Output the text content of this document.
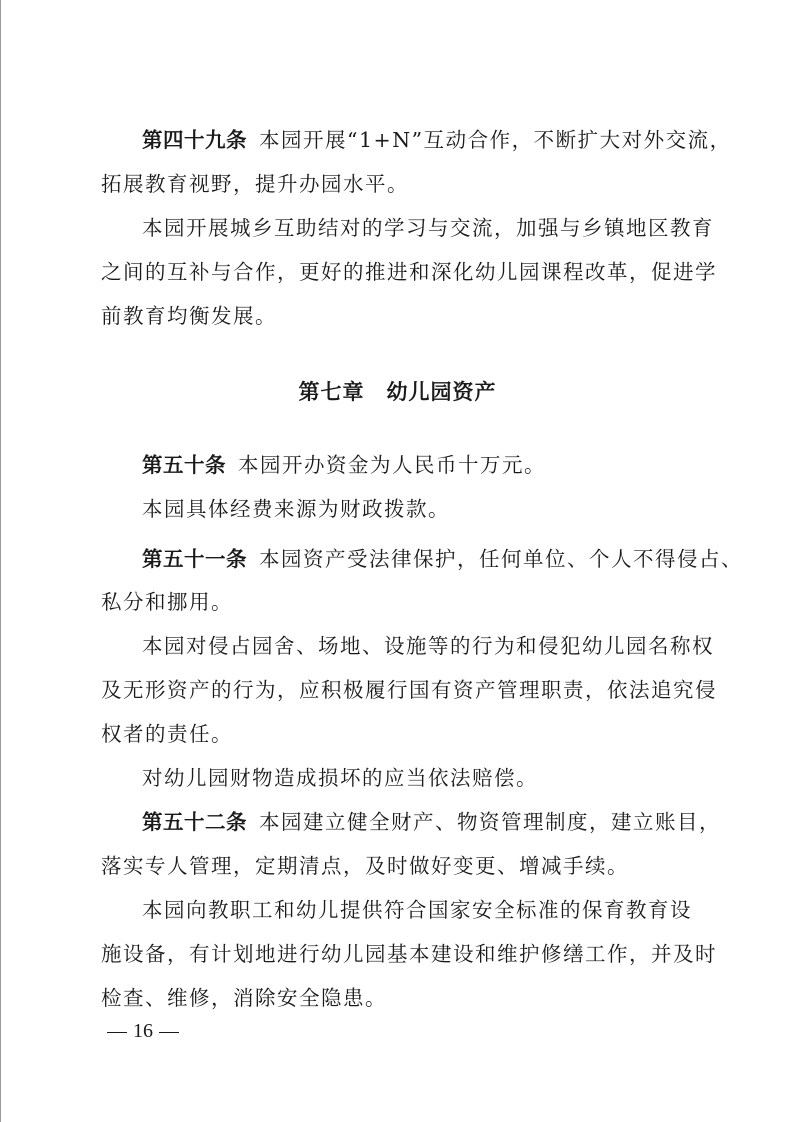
第四十九条 本园开展“1+N”互动合作，不断扩大对外交流，
拓展教育视野，提升办园水平。
本园开展城乡互助结对的学习与交流，加强与乡镇地区教育
之间的互补与合作，更好的推进和深化幼儿园课程改革，促进学
前教育均衡发展。
第七章　幼儿园资产
第五十条 本园开办资金为人民币十万元。
本园具体经费来源为财政拨款。
第五十一条 本园资产受法律保护，任何单位、个人不得侵占、
私分和挪用。
本园对侵占园舍、场地、设施等的行为和侵犯幼儿园名称权
及无形资产的行为，应积极履行国有资产管理职责，依法追究侵
权者的责任。
对幼儿园财物造成损坏的应当依法赔偿。
第五十二条 本园建立健全财产、物资管理制度，建立账目，
落实专人管理，定期清点，及时做好变更、增减手续。
本园向教职工和幼儿提供符合国家安全标准的保育教育设
施设备，有计划地进行幼儿园基本建设和维护修缮工作，并及时
检查、维修，消除安全隐患。
16
